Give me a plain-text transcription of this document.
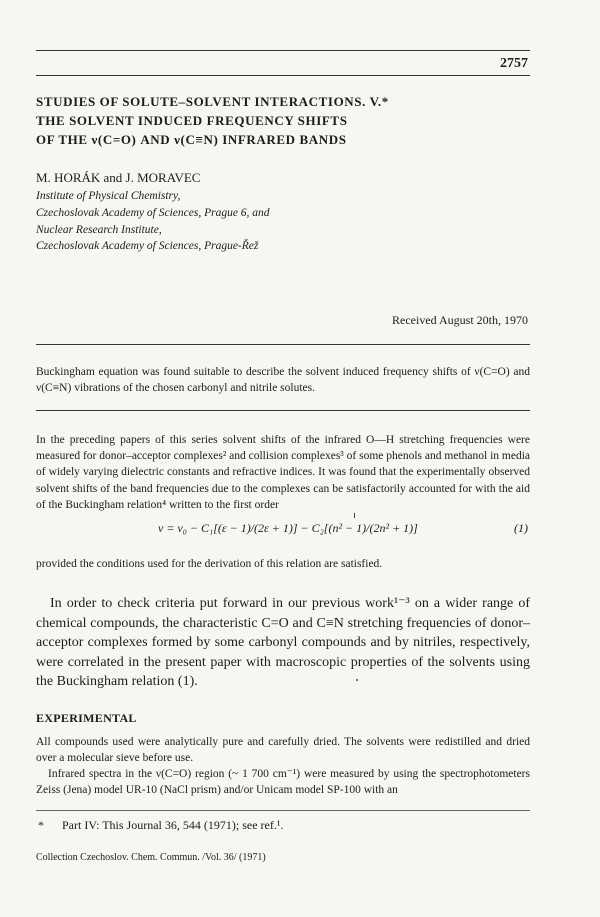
2757
STUDIES OF SOLUTE–SOLVENT INTERACTIONS. V.*
THE SOLVENT INDUCED FREQUENCY SHIFTS
OF THE ν(C=O) AND ν(C≡N) INFRARED BANDS
M. HORÁK and J. MORAVEC
Institute of Physical Chemistry,
Czechoslovak Academy of Sciences, Prague 6, and
Nuclear Research Institute,
Czechoslovak Academy of Sciences, Prague-Řež
Received August 20th, 1970
Buckingham equation was found suitable to describe the solvent induced frequency shifts of ν(C=O) and ν(C≡N) vibrations of the chosen carbonyl and nitrile solutes.
In the preceding papers of this series solvent shifts of the infrared O—H stretching frequencies were measured for donor–acceptor complexes² and collision complexes³ of some phenols and methanol in media of widely varying dielectric constants and refractive indices. It was found that the experimentally observed solvent shifts of the band frequencies due to the complexes can be satisfactorily accounted for with the aid of the Buckingham relation⁴ written to the first order
ν = ν₀ − C₁[(ε − 1)/(2ε + 1)] − C₂[(n² − 1)/(2n² + 1)]	(1)
provided the conditions used for the derivation of this relation are satisfied.
In order to check criteria put forward in our previous work¹⁻³ on a wider range of chemical compounds, the characteristic C=O and C≡N stretching frequencies of donor–acceptor complexes formed by some carbonyl compounds and by nitriles, respectively, were correlated in the present paper with macroscopic properties of the solvents using the Buckingham relation (1).
EXPERIMENTAL
All compounds used were analytically pure and carefully dried. The solvents were redistilled and dried over a molecular sieve before use.
Infrared spectra in the ν(C=O) region (~ 1 700 cm⁻¹) were measured by using the spectrophotometers Zeiss (Jena) model UR-10 (NaCl prism) and/or Unicam model SP-100 with an
* Part IV: This Journal 36, 544 (1971); see ref.¹.
Collection Czechoslov. Chem. Commun. /Vol. 36/ (1971)
